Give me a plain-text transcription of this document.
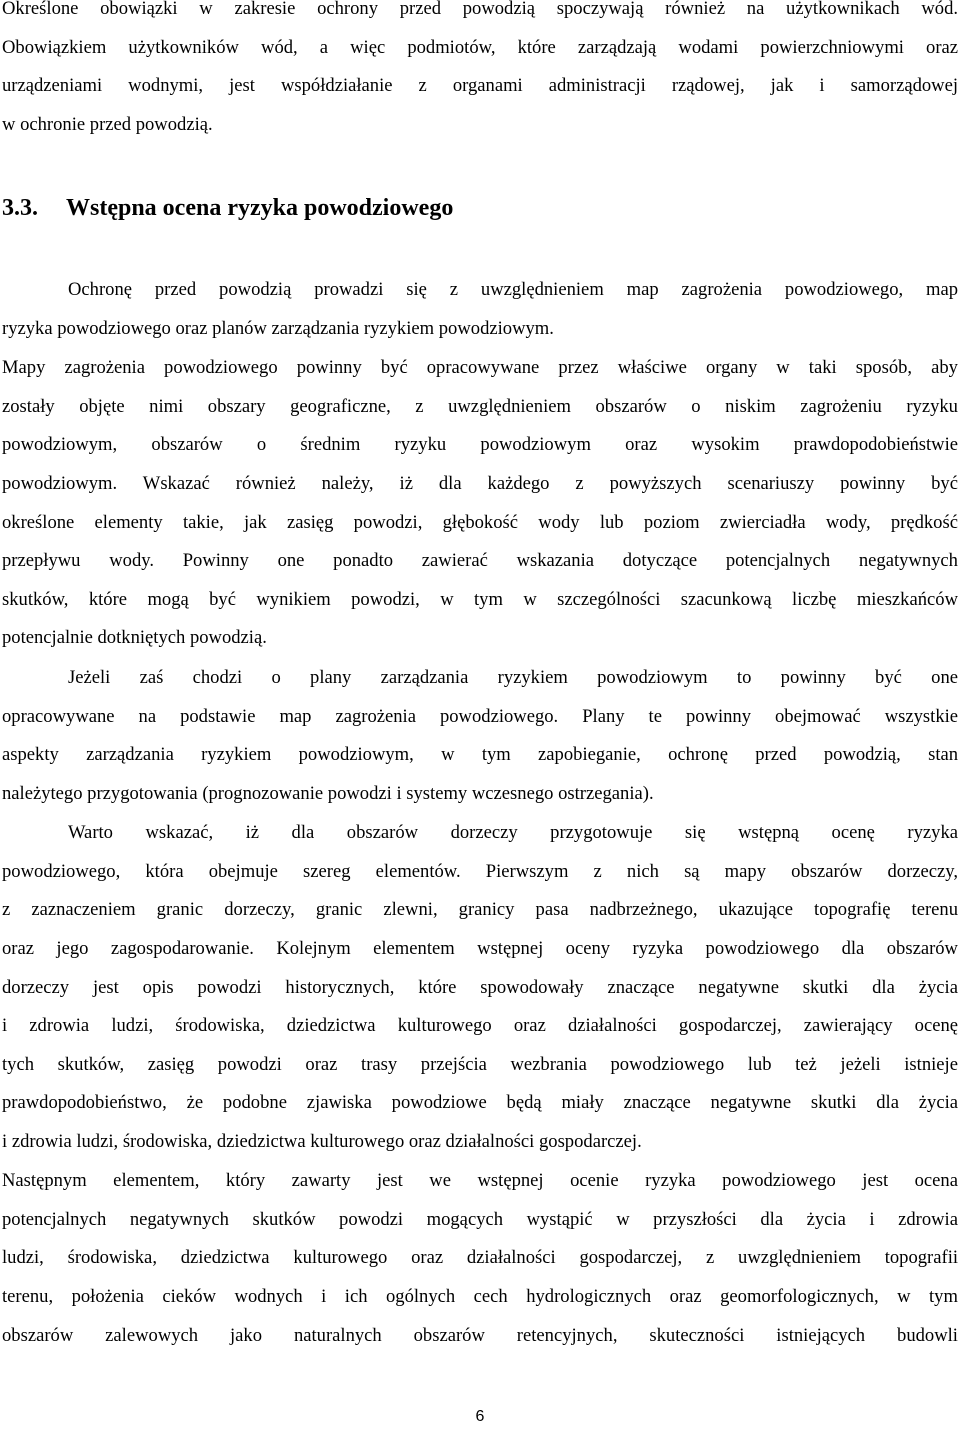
Określone obowiązki w zakresie ochrony przed powodzią spoczywają również na użytkownikach wód.
Obowiązkiem użytkowników wód, a więc podmiotów, które zarządzają wodami powierzchniowymi oraz
urządzeniami wodnymi, jest współdziałanie z organami administracji rządowej, jak i samorządowej
w ochronie przed powodzią.
3.3. Wstępna ocena ryzyka powodziowego
Ochronę przed powodzią prowadzi się z uwzględnieniem map zagrożenia powodziowego, map
ryzyka powodziowego oraz planów zarządzania ryzykiem powodziowym.
Mapy zagrożenia powodziowego powinny być opracowywane przez właściwe organy w taki sposób, aby
zostały objęte nimi obszary geograficzne, z uwzględnieniem obszarów o niskim zagrożeniu ryzyku
powodziowym, obszarów o średnim ryzyku powodziowym oraz wysokim prawdopodobieństwie
powodziowym. Wskazać również należy, iż dla każdego z powyższych scenariuszy powinny być
określone elementy takie, jak zasięg powodzi, głębokość wody lub poziom zwierciadła wody, prędkość
przepływu wody. Powinny one ponadto zawierać wskazania dotyczące potencjalnych negatywnych
skutków, które mogą być wynikiem powodzi, w tym w szczególności szacunkową liczbę mieszkańców
potencjalnie dotkniętych powodzią.
Jeżeli zaś chodzi o plany zarządzania ryzykiem powodziowym to powinny być one
opracowywane na podstawie map zagrożenia powodziowego. Plany te powinny obejmować wszystkie
aspekty zarządzania ryzykiem powodziowym, w tym zapobieganie, ochronę przed powodzią, stan
należytego przygotowania (prognozowanie powodzi i systemy wczesnego ostrzegania).
Warto wskazać, iż dla obszarów dorzeczy przygotowuje się wstępną ocenę ryzyka
powodziowego, która obejmuje szereg elementów. Pierwszym z nich są mapy obszarów dorzeczy,
z zaznaczeniem granic dorzeczy, granic zlewni, granicy pasa nadbrzeżnego, ukazujące topografię terenu
oraz jego zagospodarowanie. Kolejnym elementem wstępnej oceny ryzyka powodziowego dla obszarów
dorzeczy jest opis powodzi historycznych, które spowodowały znaczące negatywne skutki dla życia
i zdrowia ludzi, środowiska, dziedzictwa kulturowego oraz działalności gospodarczej, zawierający ocenę
tych skutków, zasięg powodzi oraz trasy przejścia wezbrania powodziowego lub też jeżeli istnieje
prawdopodobieństwo, że podobne zjawiska powodziowe będą miały znaczące negatywne skutki dla życia
i zdrowia ludzi, środowiska, dziedzictwa kulturowego oraz działalności gospodarczej.
Następnym elementem, który zawarty jest we wstępnej ocenie ryzyka powodziowego jest ocena
potencjalnych negatywnych skutków powodzi mogących wystąpić w przyszłości dla życia i zdrowia
ludzi, środowiska, dziedzictwa kulturowego oraz działalności gospodarczej, z uwzględnieniem topografii
terenu, położenia cieków wodnych i ich ogólnych cech hydrologicznych oraz geomorfologicznych, w tym
obszarów zalewowych jako naturalnych obszarów retencyjnych, skuteczności istniejących budowli
6
